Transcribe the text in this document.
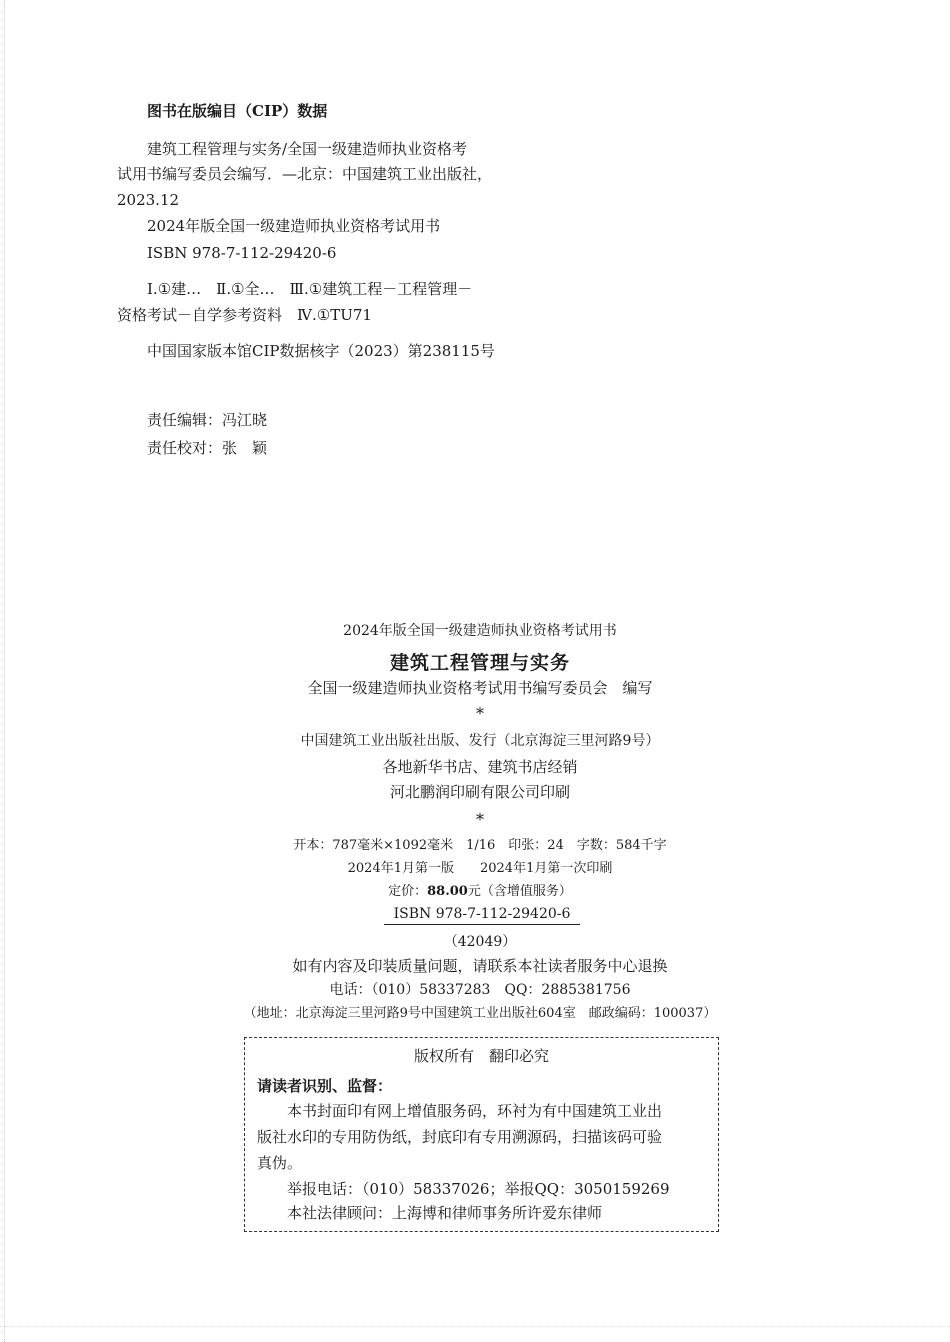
图书在版编目（CIP）数据
建筑工程管理与实务/全国一级建造师执业资格考
试用书编写委员会编写．—北京：中国建筑工业出版社，
2023.12
2024年版全国一级建造师执业资格考试用书
ISBN 978-7-112-29420-6
Ⅰ.①建…　Ⅱ.①全…　Ⅲ.①建筑工程－工程管理－
资格考试－自学参考资料　Ⅳ.①TU71
中国国家版本馆CIP数据核字（2023）第238115号
责任编辑：冯江晓
责任校对：张　颖
2024年版全国一级建造师执业资格考试用书
建筑工程管理与实务
全国一级建造师执业资格考试用书编写委员会　编写
*
中国建筑工业出版社出版、发行（北京海淀三里河路9号）
各地新华书店、建筑书店经销
河北鹏润印刷有限公司印刷
*
开本：787毫米×1092毫米　1/16　印张：24　字数：584千字
2024年1月第一版　　2024年1月第一次印刷
定价：88.00元（含增值服务）
ISBN 978-7-112-29420-6
（42049）
如有内容及印装质量问题，请联系本社读者服务中心退换
电话：（010）58337283　QQ：2885381756
（地址：北京海淀三里河路9号中国建筑工业出版社604室　邮政编码：100037）
版权所有　翻印必究
请读者识别、监督：
本书封面印有网上增值服务码，环衬为有中国建筑工业出
版社水印的专用防伪纸，封底印有专用溯源码，扫描该码可验
真伪。
举报电话：（010）58337026；举报QQ：3050159269
本社法律顾问：上海博和律师事务所许爱东律师
